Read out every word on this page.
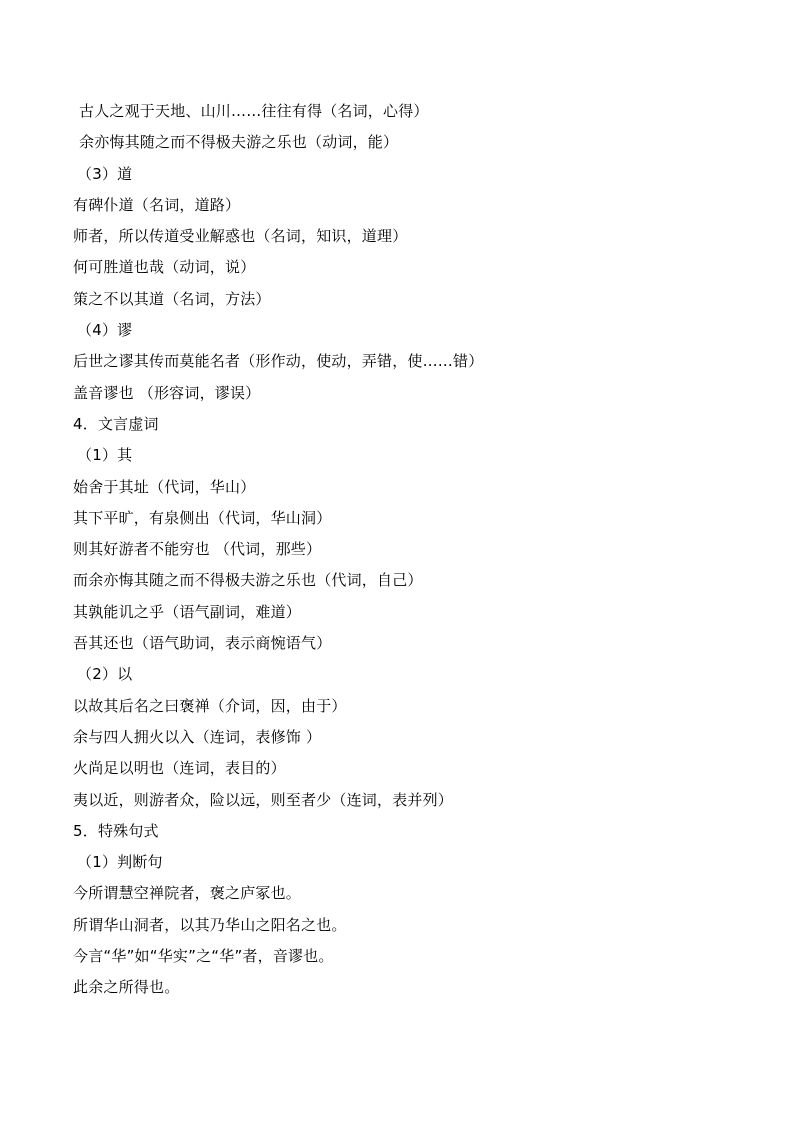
古人之观于天地、山川……往往有得（名词，心得）
余亦悔其随之而不得极夫游之乐也（动词，能）
（3）道
有碑仆道（名词，道路）
师者，所以传道受业解惑也（名词，知识，道理）
何可胜道也哉（动词，说）
策之不以其道（名词，方法）
（4）谬
后世之谬其传而莫能名者（形作动，使动，弄错，使……错）
盖音谬也 （形容词，谬误）
4．文言虚词
（1）其
始舍于其址（代词，华山）
其下平旷，有泉侧出（代词，华山洞）
则其好游者不能穷也 （代词，那些）
而余亦悔其随之而不得极夫游之乐也（代词，自己）
其孰能讥之乎（语气副词，难道）
吾其还也（语气助词，表示商惋语气）
（2）以
以故其后名之曰褒禅（介词，因，由于）
余与四人拥火以入（连词，表修饰 ）
火尚足以明也（连词，表目的）
夷以近，则游者众，险以远，则至者少（连词，表并列）
5．特殊句式
（1）判断句
今所谓慧空禅院者，褒之庐冢也。
所谓华山洞者，以其乃华山之阳名之也。
今言“华”如“华实”之“华”者，音谬也。
此余之所得也。
